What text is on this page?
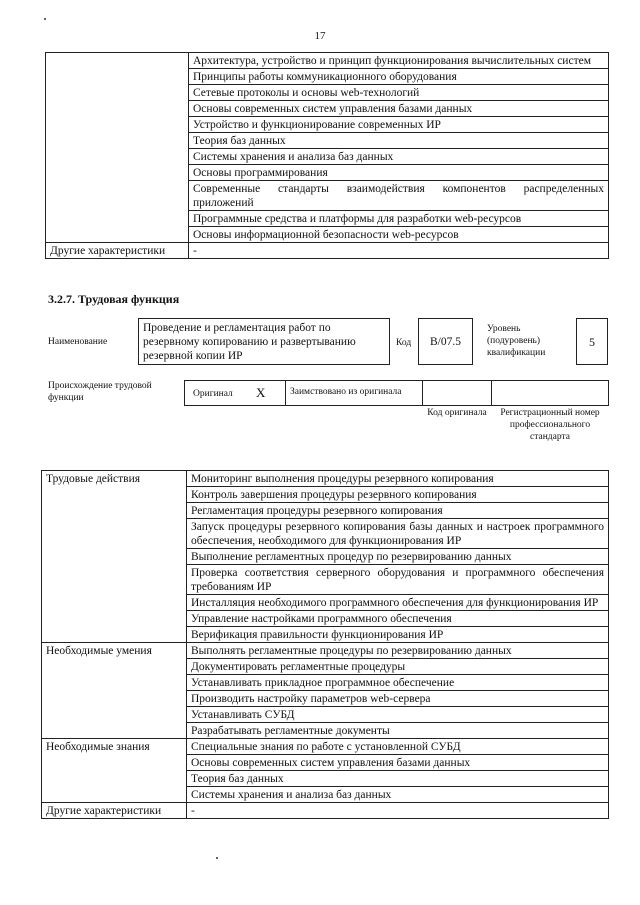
17
	Архитектура, устройство и принцип функционирования вычислительных систем
	Принципы работы коммуникационного оборудования
	Сетевые протоколы и основы web-технологий
	Основы современных систем управления базами данных
	Устройство и функционирование современных ИР
	Теория баз данных
	Системы хранения и анализа баз данных
	Основы программирования
	Современные стандарты взаимодействия компонентов распределенных приложений
	Программные средства и платформы для разработки web-ресурсов
	Основы информационной безопасности web-ресурсов
Другие характеристики	-
3.2.7. Трудовая функция
Наименование
Проведение и регламентация работ по резервному копированию и развертыванию резервной копии ИР
Код	B/07.5
Уровень (подуровень) квалификации
5
Происхождение трудовой функции	Оригинал X	Заимствовано из оригинала
Код оригинала	Регистрационный номер профессионального стандарта
Трудовые действия	Мониторинг выполнения процедуры резервного копирования
	Контроль завершения процедуры резервного копирования
	Регламентация процедуры резервного копирования
	Запуск процедуры резервного копирования базы данных и настроек программного обеспечения, необходимого для функционирования ИР
	Выполнение регламентных процедур по резервированию данных
	Проверка соответствия серверного оборудования и программного обеспечения требованиям ИР
	Инсталляция необходимого программного обеспечения для функционирования ИР
	Управление настройками программного обеспечения
	Верификация правильности функционирования ИР
Необходимые умения	Выполнять регламентные процедуры по резервированию данных
	Документировать регламентные процедуры
	Устанавливать прикладное программное обеспечение
	Производить настройку параметров web-сервера
	Устанавливать СУБД
	Разрабатывать регламентные документы
Необходимые знания	Специальные знания по работе с установленной СУБД
	Основы современных систем управления базами данных
	Теория баз данных
	Системы хранения и анализа баз данных
Другие характеристики	-
